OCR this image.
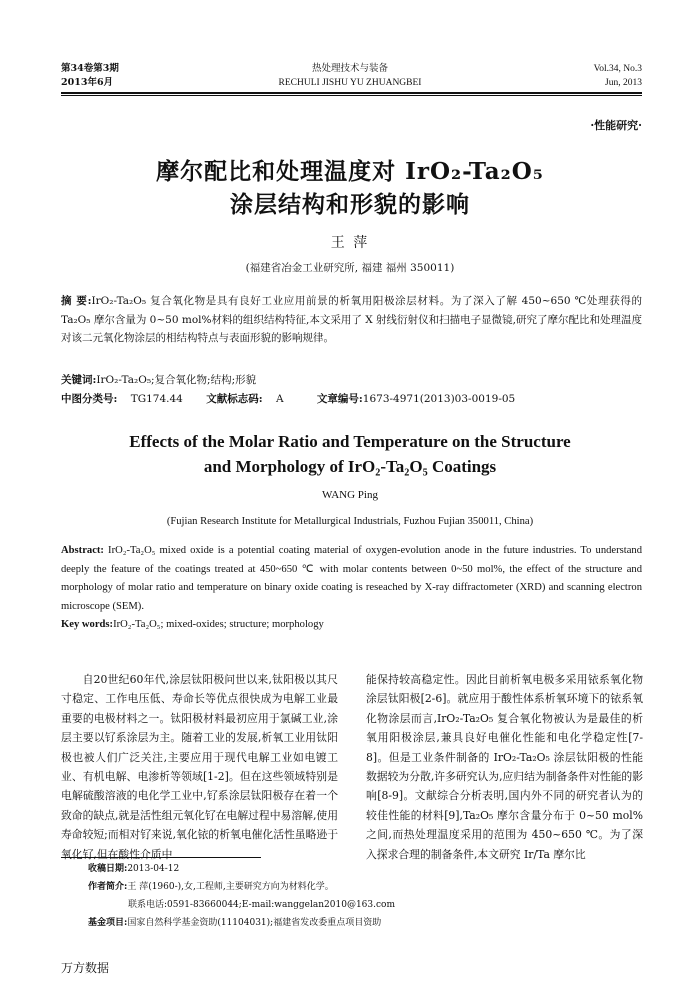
第34卷第3期
2013年6月
热处理技术与装备
RECHULI JISHU YU ZHUANGBEI
Vol.34, No.3
Jun, 2013
·性能研究·
摩尔配比和处理温度对 IrO₂-Ta₂O₅
涂层结构和形貌的影响
王 萍
(福建省冶金工业研究所, 福建 福州 350011)
摘 要:IrO₂-Ta₂O₅ 复合氧化物是具有良好工业应用前景的析氧用阳极涂层材料。为了深入了解 450~650 ℃处理获得的 Ta₂O₅ 摩尔含量为 0~50 mol%材料的组织结构特征,本文采用了 X 射线衍射仪和扫描电子显微镜,研究了摩尔配比和处理温度对该二元氧化物涂层的相结构特点与表面形貌的影响规律。
关键词:IrO₂-Ta₂O₅;复合氧化物;结构;形貌
中图分类号: TG174.44 文献标志码: A	文章编号:1673-4971(2013)03-0019-05
Effects of the Molar Ratio and Temperature on the Structure
and Morphology of IrO₂-Ta₂O₅ Coatings
WANG Ping
(Fujian Research Institute for Metallurgical Industrials, Fuzhou Fujian 350011, China)
Abstract: IrO₂-Ta₂O₅ mixed oxide is a potential coating material of oxygen-evolution anode in the future industries. To understand deeply the feature of the coatings treated at 450~650 ℃ with molar contents between 0~50 mol%, the effect of the structure and morphology of molar ratio and temperature on binary oxide coating is reseached by X-ray diffractometer (XRD) and scanning electron microscope (SEM).
Key words:IrO₂-Ta₂O₅; mixed-oxides; structure; morphology
自20世纪60年代,涂层钛阳极问世以来,钛阳极以其尺寸稳定、工作电压低、寿命长等优点很快成为电解工业最重要的电极材料之一。钛阳极材料最初应用于氯碱工业,涂层主要以钌系涂层为主。随着工业的发展,析氧工业用钛阳极也被人们广泛关注,主要应用于现代电解工业如电镀工业、有机电解、电渗析等领域[1-2]。但在这些领域特别是电解硫酸溶液的电化学工业中,钌系涂层钛阳极存在着一个致命的缺点,就是活性组元氧化钌在电解过程中易溶解,使用寿命较短;而相对钌来说,氧化铱的析氧电催化活性虽略逊于氧化钌,但在酸性介质中
能保持较高稳定性。因此目前析氧电极多采用铱系氧化物涂层钛阳极[2-6]。就应用于酸性体系析氧环境下的铱系氧化物涂层而言,IrO₂-Ta₂O₅ 复合氧化物被认为是最佳的析氧用阳极涂层,兼具良好电催化性能和电化学稳定性[7-8]。但是工业条件制备的 IrO₂-Ta₂O₅ 涂层钛阳极的性能数据较为分散,许多研究认为,应归结为制备条件对性能的影响[8-9]。文献综合分析表明,国内外不同的研究者认为的较佳性能的材料[9],Ta₂O₅ 摩尔含量分布于 0~50 mol%之间,而热处理温度采用的范围为 450~650 ℃。为了深入探求合理的制备条件,本文研究 Ir/Ta 摩尔比
收稿日期:2013-04-12
作者简介:王 萍(1960-),女,工程师,主要研究方向为材料化学。
联系电话:0591-83660044;E-mail:wanggelan2010@163.com
基金项目:国家自然科学基金资助(11104031);福建省发改委重点项目资助
万方数据
